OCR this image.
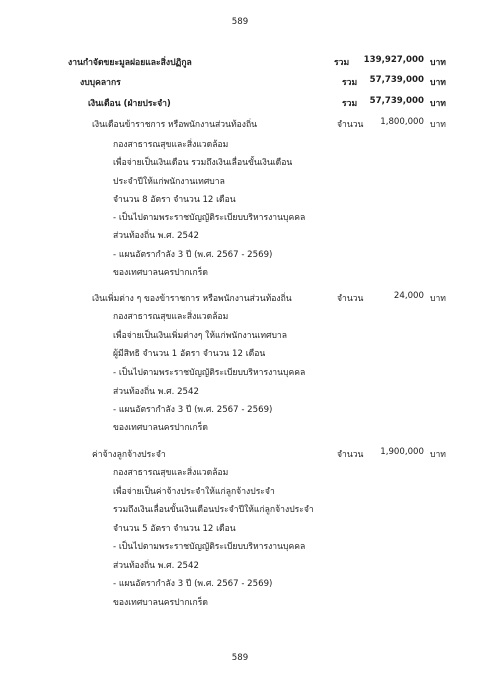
589
งานกำจัดขยะมูลฝอยและสิ่งปฏิกูล	รวม	139,927,000 บาท
งบบุคลากร	รวม	57,739,000 บาท
เงินเดือน (ฝ่ายประจำ)	รวม	57,739,000 บาท
เงินเดือนข้าราชการ หรือพนักงานส่วนท้องถิ่น	จำนวน	1,800,000 บาท
กองสาธารณสุขและสิ่งแวดล้อม
เพื่อจ่ายเป็นเงินเดือน รวมถึงเงินเลื่อนขั้นเงินเดือน
ประจำปีให้แก่พนักงานเทศบาล
จำนวน 8 อัตรา จำนวน 12 เดือน
- เป็นไปตามพระราชบัญญัติระเบียบบริหารงานบุคคล
ส่วนท้องถิ่น พ.ศ. 2542
- แผนอัตรากำลัง 3 ปี (พ.ศ. 2567 - 2569)
ของเทศบาลนครปากเกร็ด
เงินเพิ่มต่าง ๆ ของข้าราชการ หรือพนักงานส่วนท้องถิ่น	จำนวน	24,000 บาท
กองสาธารณสุขและสิ่งแวดล้อม
เพื่อจ่ายเป็นเงินเพิ่มต่างๆ ให้แก่พนักงานเทศบาล
ผู้มีสิทธิ จำนวน 1 อัตรา จำนวน 12 เดือน
- เป็นไปตามพระราชบัญญัติระเบียบบริหารงานบุคคล
ส่วนท้องถิ่น พ.ศ. 2542
- แผนอัตรากำลัง 3 ปี (พ.ศ. 2567 - 2569)
ของเทศบาลนครปากเกร็ด
ค่าจ้างลูกจ้างประจำ	จำนวน	1,900,000 บาท
กองสาธารณสุขและสิ่งแวดล้อม
เพื่อจ่ายเป็นค่าจ้างประจำให้แก่ลูกจ้างประจำ
รวมถึงเงินเลื่อนขั้นเงินเดือนประจำปีให้แก่ลูกจ้างประจำ
จำนวน 5 อัตรา จำนวน 12 เดือน
- เป็นไปตามพระราชบัญญัติระเบียบบริหารงานบุคคล
ส่วนท้องถิ่น พ.ศ. 2542
- แผนอัตรากำลัง 3 ปี (พ.ศ. 2567 - 2569)
ของเทศบาลนครปากเกร็ด
589
